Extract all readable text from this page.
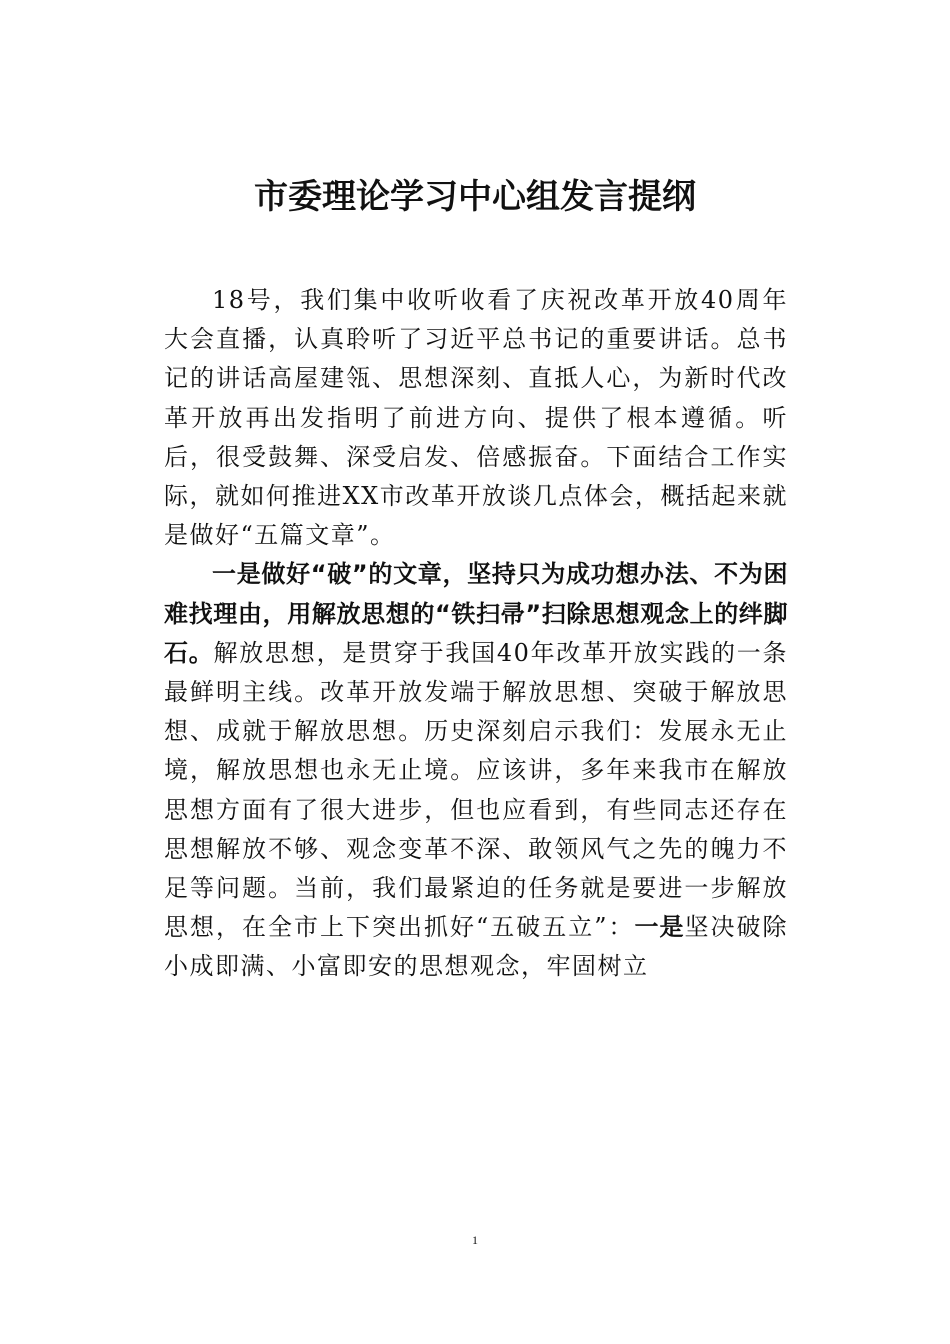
市委理论学习中心组发言提纲

18号，我们集中收听收看了庆祝改革开放40周年大会直播，认真聆听了习近平总书记的重要讲话。总书记的讲话高屋建瓴、思想深刻、直抵人心，为新时代改革开放再出发指明了前进方向、提供了根本遵循。听后，很受鼓舞、深受启发、倍感振奋。下面结合工作实际，就如何推进XX市改革开放谈几点体会，概括起来就是做好“五篇文章”。

一是做好“破”的文章，坚持只为成功想办法、不为困难找理由，用解放思想的“铁扫帚”扫除思想观念上的绊脚石。解放思想，是贯穿于我国40年改革开放实践的一条最鲜明主线。改革开放发端于解放思想、突破于解放思想、成就于解放思想。历史深刻启示我们：发展永无止境，解放思想也永无止境。应该讲，多年来我市在解放思想方面有了很大进步，但也应看到，有些同志还存在思想解放不够、观念变革不深、敢领风气之先的魄力不足等问题。当前，我们最紧迫的任务就是要进一步解放思想，在全市上下突出抓好“五破五立”：一是坚决破除小成即满、小富即安的思想观念，牢固树立

1
